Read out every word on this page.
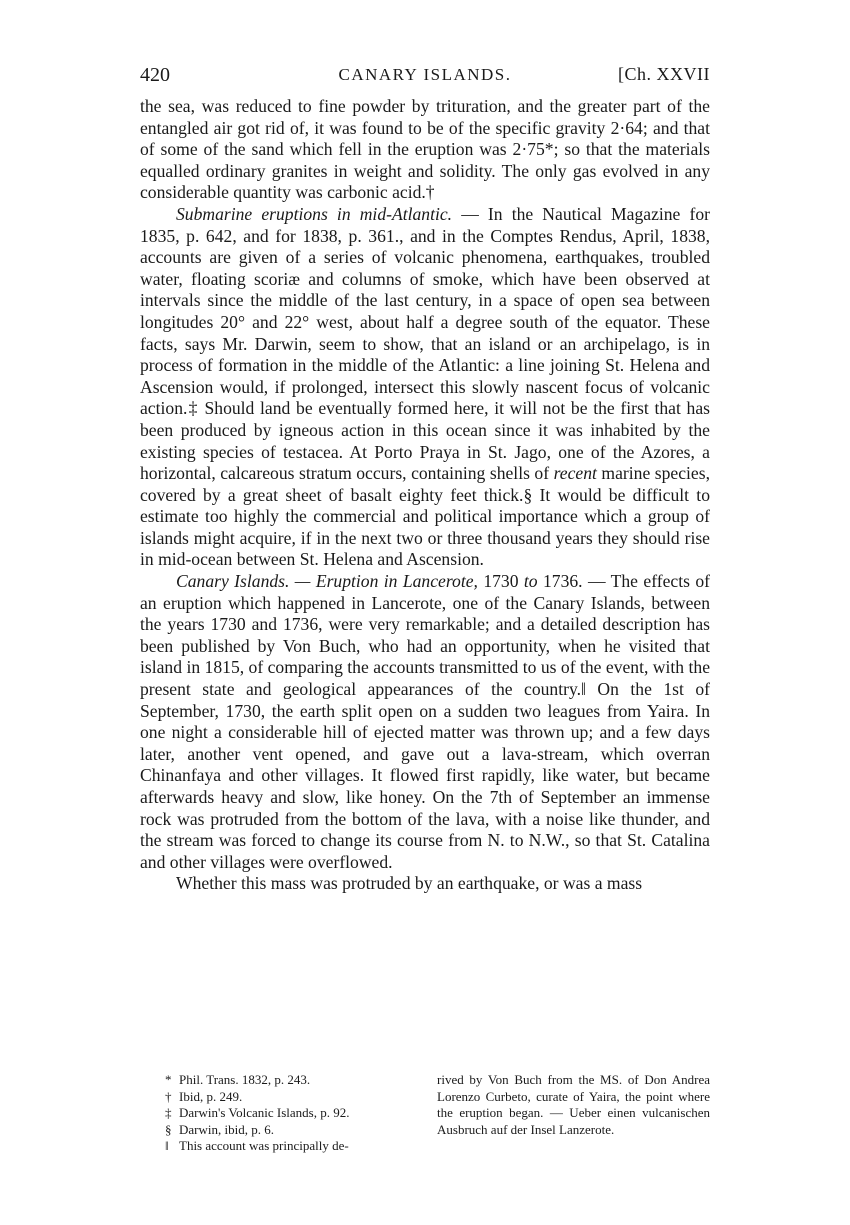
420	CANARY ISLANDS.	[Ch. XXVII

the sea, was reduced to fine powder by trituration, and the greater part of the entangled air got rid of, it was found to be of the specific gravity 2·64; and that of some of the sand which fell in the eruption was 2·75*; so that the materials equalled ordinary granites in weight and solidity. The only gas evolved in any considerable quantity was carbonic acid.†

Submarine eruptions in mid-Atlantic. — In the Nautical Magazine for 1835, p. 642, and for 1838, p. 361., and in the Comptes Rendus, April, 1838, accounts are given of a series of volcanic phenomena, earthquakes, troubled water, floating scoriæ and columns of smoke, which have been observed at intervals since the middle of the last century, in a space of open sea between longitudes 20° and 22° west, about half a degree south of the equator. These facts, says Mr. Darwin, seem to show, that an island or an archipelago, is in process of formation in the middle of the Atlantic: a line joining St. Helena and Ascension would, if prolonged, intersect this slowly nascent focus of volcanic action.‡ Should land be eventually formed here, it will not be the first that has been produced by igneous action in this ocean since it was inhabited by the existing species of testacea. At Porto Praya in St. Jago, one of the Azores, a horizontal, calcareous stratum occurs, containing shells of recent marine species, covered by a great sheet of basalt eighty feet thick.§ It would be difficult to estimate too highly the commercial and political importance which a group of islands might acquire, if in the next two or three thousand years they should rise in mid-ocean between St. Helena and Ascension.

Canary Islands. — Eruption in Lancerote, 1730 to 1736. — The effects of an eruption which happened in Lancerote, one of the Canary Islands, between the years 1730 and 1736, were very remarkable; and a detailed description has been published by Von Buch, who had an opportunity, when he visited that island in 1815, of comparing the accounts transmitted to us of the event, with the present state and geological appearances of the country.‖ On the 1st of September, 1730, the earth split open on a sudden two leagues from Yaira. In one night a considerable hill of ejected matter was thrown up; and a few days later, another vent opened, and gave out a lava-stream, which overran Chinanfaya and other villages. It flowed first rapidly, like water, but became afterwards heavy and slow, like honey. On the 7th of September an immense rock was protruded from the bottom of the lava, with a noise like thunder, and the stream was forced to change its course from N. to N.W., so that St. Catalina and other villages were overflowed.

Whether this mass was protruded by an earthquake, or was a mass

* Phil. Trans. 1832, p. 243.
† Ibid, p. 249.
‡ Darwin's Volcanic Islands, p. 92.
§ Darwin, ibid, p. 6.
‖ This account was principally de-
rived by Von Buch from the MS. of Don Andrea Lorenzo Curbeto, curate of Yaira, the point where the eruption began. — Ueber einen vulcanischen Ausbruch auf der Insel Lanzerote.
